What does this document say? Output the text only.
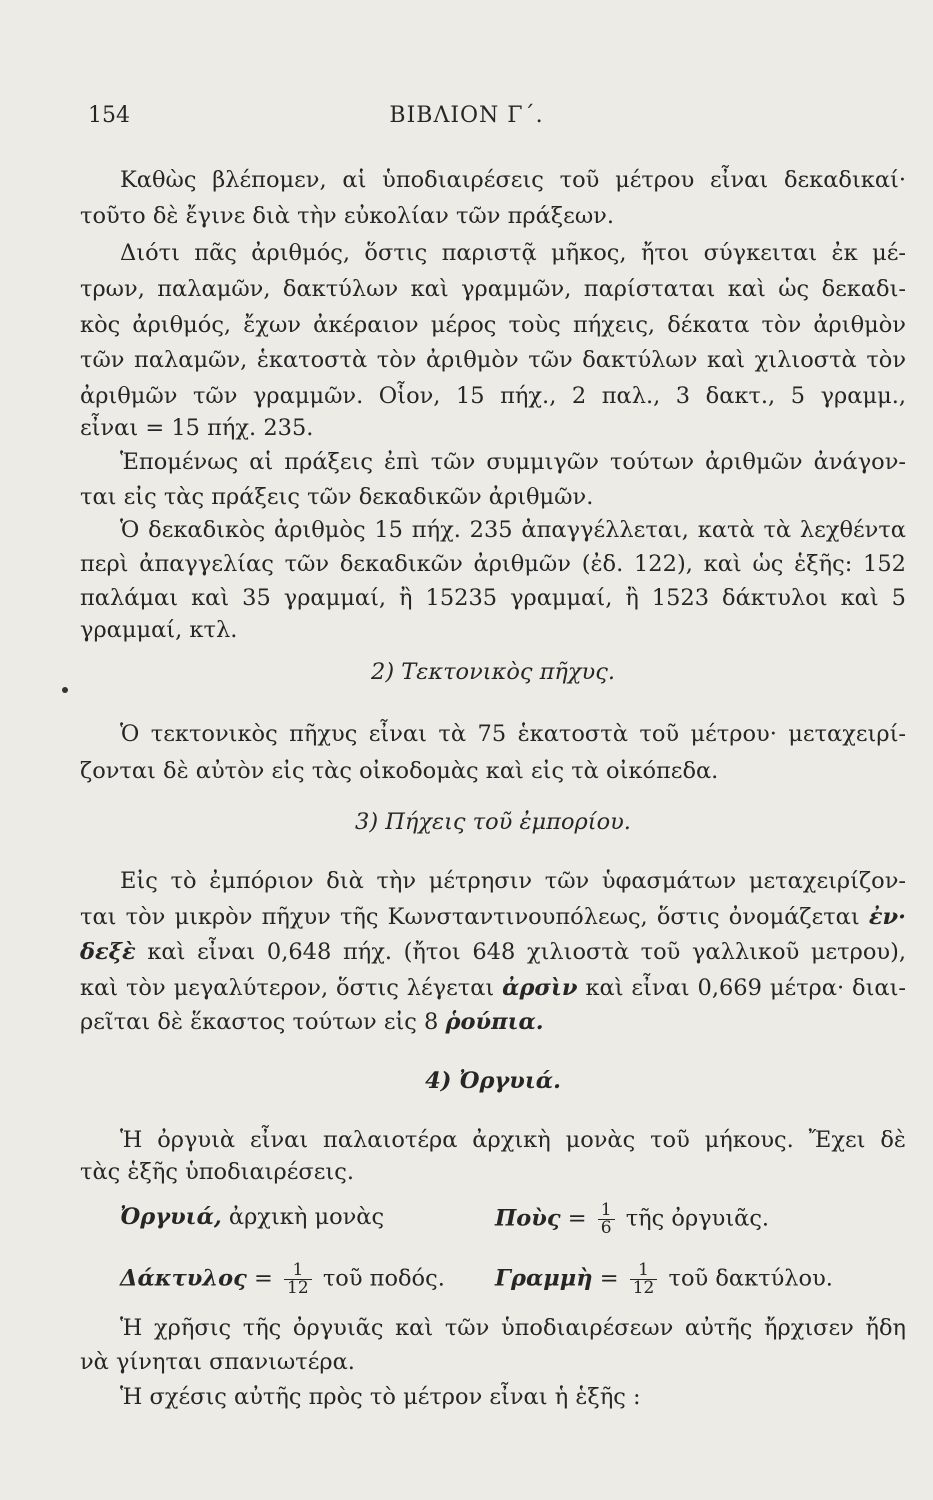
154	ΒΙΒΛΙΟΝ Γ΄.
Καθὼς βλέπομεν, αἱ ὑποδιαιρέσεις τοῦ μέτρου εἶναι δεκαδικαί·
τοῦτο δὲ ἔγινε διὰ τὴν εὐκολίαν τῶν πράξεων.
Διότι πᾶς ἀριθμός, ὅστις παριστᾷ μῆκος, ἤτοι σύγκειται ἐκ μέ-
τρων, παλαμῶν, δακτύλων καὶ γραμμῶν, παρίσταται καὶ ὡς δεκαδι-
κὸς ἀριθμός, ἔχων ἀκέραιον μέρος τοὺς πήχεις, δέκατα τὸν ἀριθμὸν
τῶν παλαμῶν, ἑκατοστὰ τὸν ἀριθμὸν τῶν δακτύλων καὶ χιλιοστὰ τὸν
ἀριθμῶν τῶν γραμμῶν. Οἷον, 15 πήχ., 2 παλ., 3 δακτ., 5 γραμμ.,
εἶναι = 15 πήχ. 235.
Ἑπομένως αἱ πράξεις ἐπὶ τῶν συμμιγῶν τούτων ἀριθμῶν ἀνάγον-
ται εἰς τὰς πράξεις τῶν δεκαδικῶν ἀριθμῶν.
Ὁ δεκαδικὸς ἀριθμὸς 15 πήχ. 235 ἀπαγγέλλεται, κατὰ τὰ λεχθέντα
περὶ ἀπαγγελίας τῶν δεκαδικῶν ἀριθμῶν (ἐδ. 122), καὶ ὡς ἑξῆς: 152
παλάμαι καὶ 35 γραμμαί, ἢ 15235 γραμμαί, ἢ 1523 δάκτυλοι καὶ 5
γραμμαί, κτλ.
2) Τεκτονικὸς πῆχυς.
Ὁ τεκτονικὸς πῆχυς εἶναι τὰ 75 ἑκατοστὰ τοῦ μέτρου· μεταχειρί-
ζονται δὲ αὐτὸν εἰς τὰς οἰκοδομὰς καὶ εἰς τὰ οἰκόπεδα.
3) Πήχεις τοῦ ἐμπορίου.
Εἰς τὸ ἐμπόριον διὰ τὴν μέτρησιν τῶν ὑφασμάτων μεταχειρίζον-
ται τὸν μικρὸν πῆχυν τῆς Κωνσταντινουπόλεως, ὅστις ὀνομάζεται ἐν·
δεξὲ καὶ εἶναι 0,648 πήχ. (ἤτοι 648 χιλιοστὰ τοῦ γαλλικοῦ μετρου),
καὶ τὸν μεγαλύτερον, ὅστις λέγεται ἀρσὶν καὶ εἶναι 0,669 μέτρα· διαι-
ρεῖται δὲ ἕκαστος τούτων εἰς 8 ῥούπια.
4) Ὀργυιά.
Ἡ ὀργυιὰ εἶναι παλαιοτέρα ἀρχικὴ μονὰς τοῦ μήκους. Ἔχει δὲ
τὰς ἑξῆς ὑποδιαιρέσεις.
Ὀργυιά, ἀρχικὴ μονὰς	Ποὺς = $\frac{1}{6}$ τῆς ὀργυιᾶς.
$\Delta ά\kappa\tau\upsilon\lambda o\varsigma = \frac{1}{12}$ τοῦ ποδός. Γραμμὴ = $\frac{1}{12}$ τοῦ δακτύλου.
Ἡ χρῆσις τῆς ὀργυιᾶς καὶ τῶν ὑποδιαιρέσεων αὐτῆς ἤρχισεν ἤδη
νὰ γίνηται σπανιωτέρα.
Ἡ σχέσις αὐτῆς πρὸς τὸ μέτρον εἶναι ἡ ἑξῆς :
